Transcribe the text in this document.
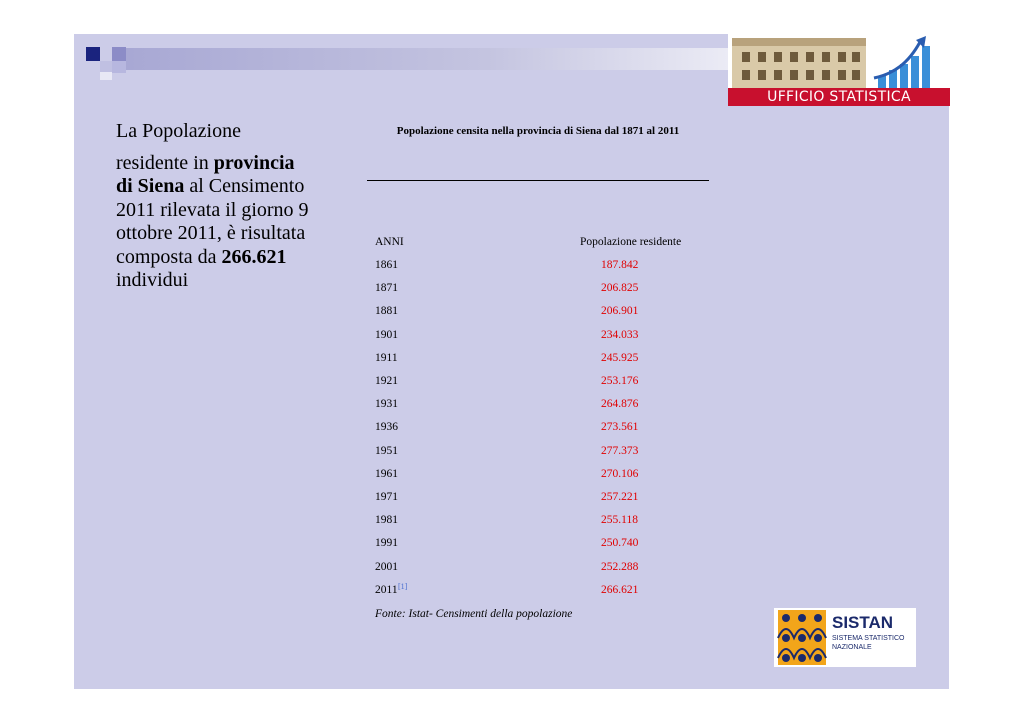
UFFICIO STATISTICA

La Popolazione

residente in provincia di Siena al Censimento 2011 rilevata il giorno 9 ottobre 2011, è risultata composta da 266.621 individui

Popolazione censita nella provincia di Siena dal 1871 al 2011
ANNI	Popolazione residente
1861	187.842
1871	206.825
1881	206.901
1901	234.033
1911	245.925
1921	253.176
1931	264.876
1936	273.561
1951	277.373
1961	270.106
1971	257.221
1981	255.118
1991	250.740
2001	252.288
2011 [1]	266.621
Fonte: Istat- Censimenti della popolazione	SISTAN
SISTEMA STATISTICO
NAZIONALE
